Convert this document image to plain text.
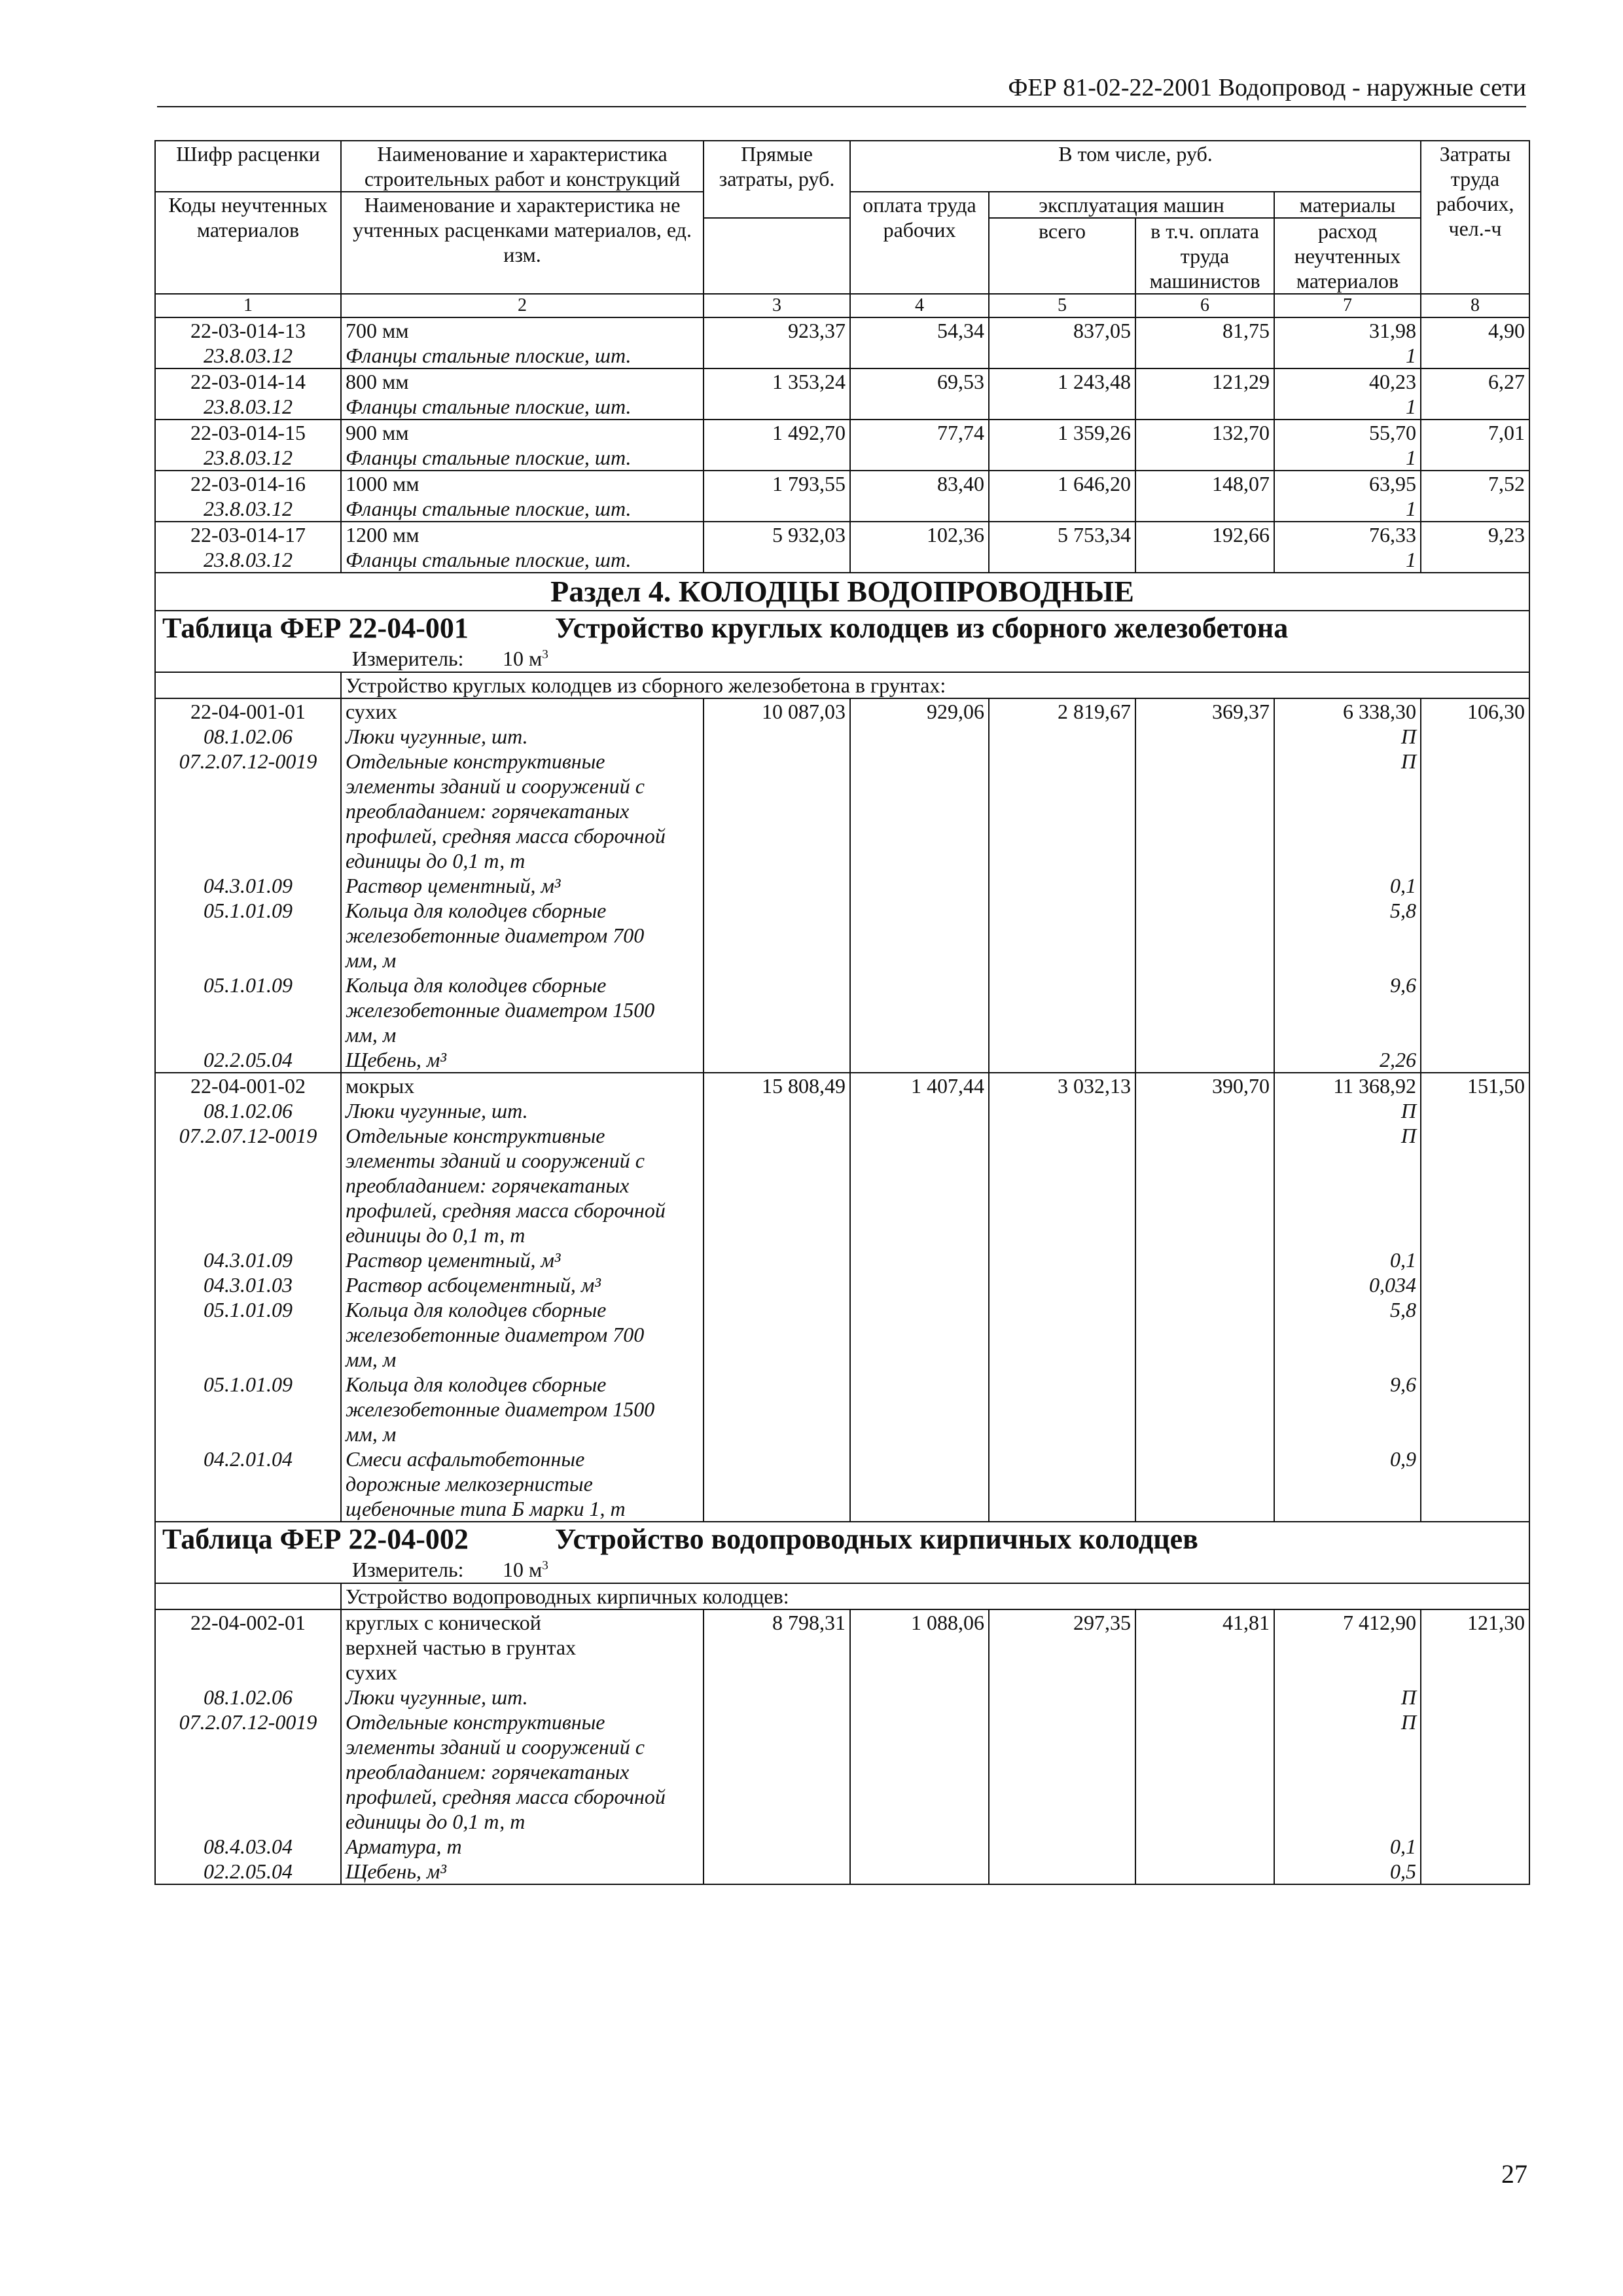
ФЕР 81-02-22-2001 Водопровод - наружные сети
Шифр расценки	Наименование и характеристика строительных работ и конструкций	Прямые затраты, руб.	В том числе, руб.				Затраты труда рабочих, чел.-ч
Коды неучтенных материалов	Наименование и характеристика не учтенных расценками материалов, ед. изм.						
			оплата труда рабочих	эксплуатация машин		материалы	
				всего	в т.ч. оплата труда машинистов	расход неучтенных материалов	
1	2	3	4	5	6	7	8
22-03-014-13	700 мм	923,37	54,34	837,05	81,75	31,98	4,90
23.8.03.12	Фланцы стальные плоские, шт.					1	
22-03-014-14	800 мм	1 353,24	69,53	1 243,48	121,29	40,23	6,27
23.8.03.12	Фланцы стальные плоские, шт.					1	
22-03-014-15	900 мм	1 492,70	77,74	1 359,26	132,70	55,70	7,01
23.8.03.12	Фланцы стальные плоские, шт.					1	
22-03-014-16	1000 мм	1 793,55	83,40	1 646,20	148,07	63,95	7,52
23.8.03.12	Фланцы стальные плоские, шт.					1	
22-03-014-17	1200 мм	5 932,03	102,36	5 753,34	192,66	76,33	9,23
23.8.03.12	Фланцы стальные плоские, шт.					1	
Раздел 4. КОЛОДЦЫ ВОДОПРОВОДНЫЕ							
Таблица ФЕР 22-04-001 Устройство круглых колодцев из сборного железобетона							
Измеритель: 10 $м^3$
	Устройство круглых колодцев из сборного железобетона в грунтах:						
22-04-001-01	сухих	10 087,03	929,06	2 819,67	369,37	6 338,30	106,30
08.1.02.06	Люки чугунные, шт.					П	
07.2.07.12-0019	Отдельные конструктивные
элементы зданий и сооружений с
преобладанием: горячекатаных
профилей, средняя масса сборочной
единицы до 0,1 т, т					П	
04.3.01.09	Раствор цементный, м³					0,1	
05.1.01.09	Кольца для колодцев сборные
железобетонные диаметром 700
мм, м					5,8	
05.1.01.09	Кольца для колодцев сборные
железобетонные диаметром 1500
мм, м					9,6	
02.2.05.04	Щебень, м³					2,26	
22-04-001-02	мокрых	15 808,49	1 407,44	3 032,13	390,70	11 368,92	151,50
08.1.02.06	Люки чугунные, шт.					П	
07.2.07.12-0019	Отдельные конструктивные
элементы зданий и сооружений с
преобладанием: горячекатаных
профилей, средняя масса сборочной
единицы до 0,1 т, т					П	
04.3.01.09	Раствор цементный, м³					0,1	
04.3.01.03	Раствор асбоцементный, м³					0,034	
05.1.01.09	Кольца для колодцев сборные
железобетонные диаметром 700
мм, м					5,8	
05.1.01.09	Кольца для колодцев сборные
железобетонные диаметром 1500
мм, м					9,6	
04.2.01.04	Смеси асфальтобетонные
дорожные мелкозернистые
щебеночные типа Б марки 1, т					0,9	
Таблица ФЕР 22-04-002 Устройство водопроводных кирпичных колодцев							
Измеритель: 10 $м^3$
	Устройство водопроводных кирпичных колодцев:						
22-04-002-01	круглых с конической
верхней частью в грунтах
сухих	8 798,31	1 088,06	297,35	41,81	7 412,90	121,30
08.1.02.06	Люки чугунные, шт.					П	
07.2.07.12-0019	Отдельные конструктивные
элементы зданий и сооружений с
преобладанием: горячекатаных
профилей, средняя масса сборочной
единицы до 0,1 т, т					П	
08.4.03.04	Арматура, т					0,1	
02.2.05.04	Щебень, м³					0,5	
27
